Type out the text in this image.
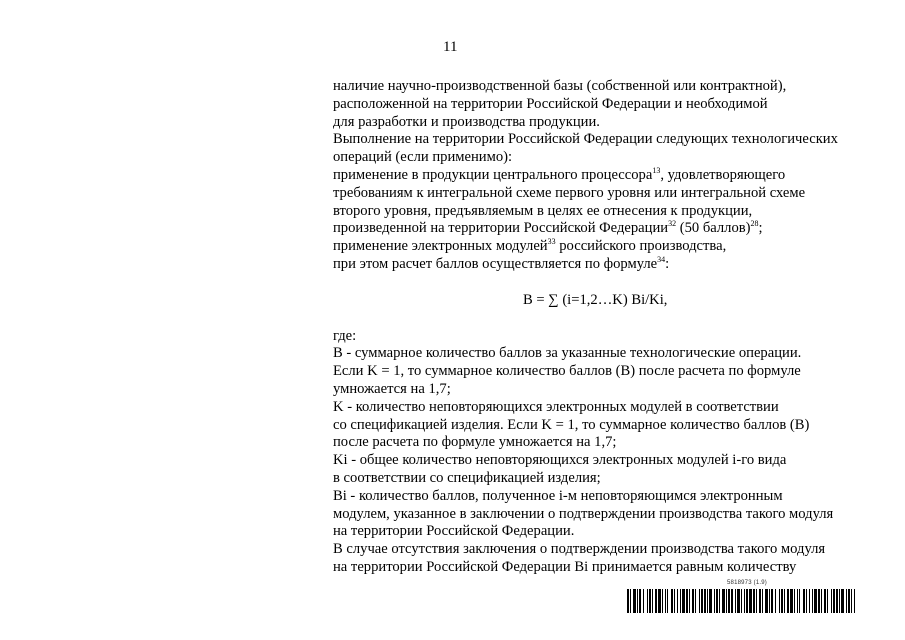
11
наличие научно-производственной базы (собственной или контрактной),
расположенной на территории Российской Федерации и необходимой
для разработки и производства продукции.
Выполнение на территории Российской Федерации следующих технологических
операций (если применимо):
применение в продукции центрального процессора$^{13}$, удовлетворяющего
требованиям к интегральной схеме первого уровня или интегральной схеме
второго уровня, предъявляемым в целях ее отнесения к продукции,
произведенной на территории Российской Федерации$^{32}$ (50 баллов)$^{28}$;
применение электронных модулей$^{33}$ российского производства,
при этом расчет баллов осуществляется по формуле$^{34}$:
B = ∑ (i=1,2…K) Bi/Ki,
где:
B - суммарное количество баллов за указанные технологические операции.
Если K = 1, то суммарное количество баллов (B) после расчета по формуле
умножается на 1,7;
K - количество неповторяющихся электронных модулей в соответствии
со спецификацией изделия. Если K = 1, то суммарное количество баллов (B)
после расчета по формуле умножается на 1,7;
Ki - общее количество неповторяющихся электронных модулей i-го вида
в соответствии со спецификацией изделия;
Bi - количество баллов, полученное i-м неповторяющимся электронным
модулем, указанное в заключении о подтверждении производства такого модуля
на территории Российской Федерации.
В случае отсутствия заключения о подтверждении производства такого модуля
на территории Российской Федерации Bi принимается равным количеству
5818973 (1.9)
